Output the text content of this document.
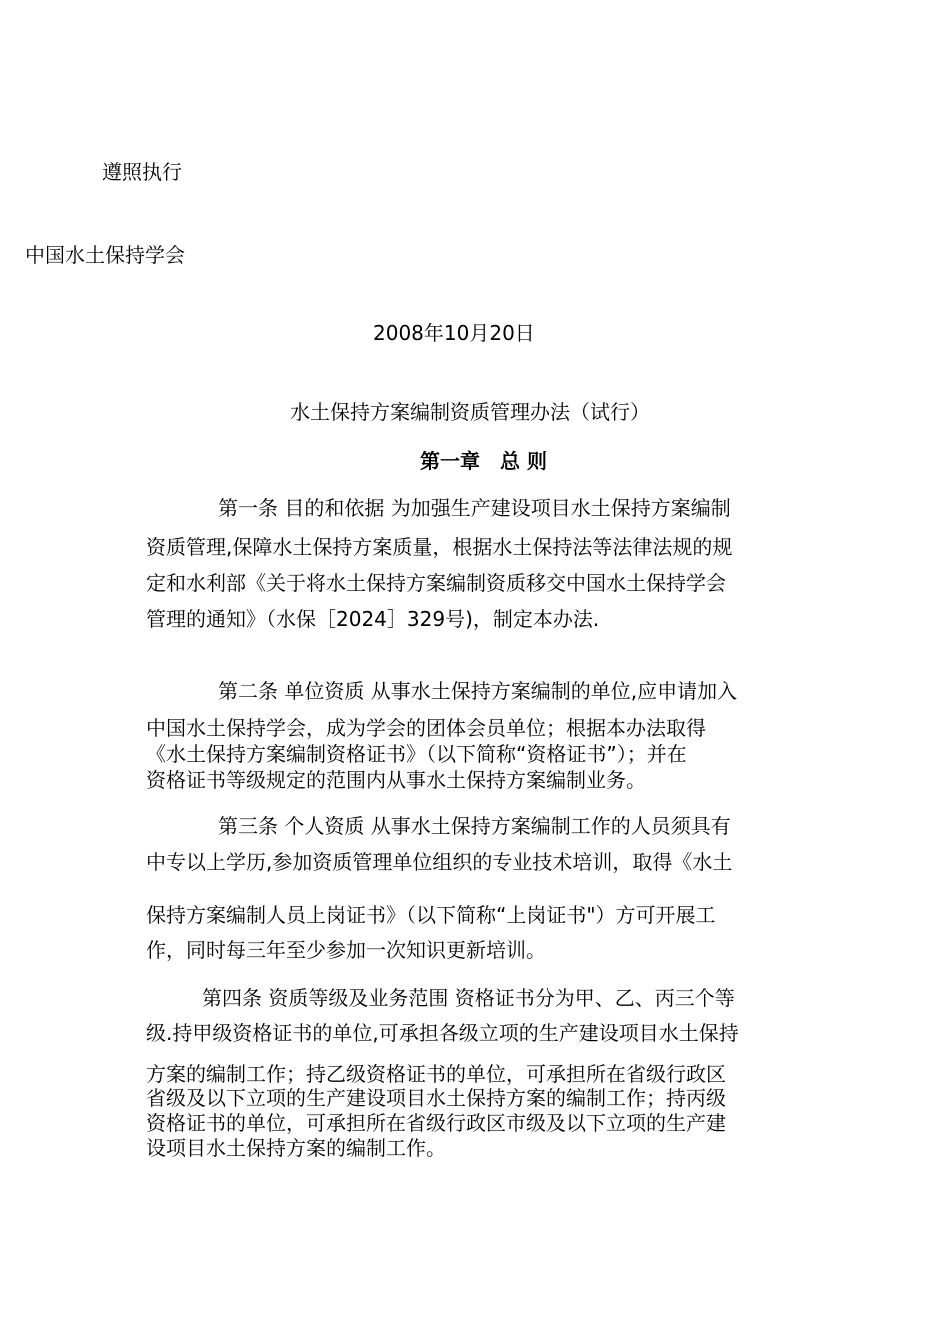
遵照执行
中国水土保持学会
2008年10月20日
水土保持方案编制资质管理办法（试行）
第一章　总 则
第一条 目的和依据 为加强生产建设项目水土保持方案编制
资质管理,保障水土保持方案质量，根据水土保持法等法律法规的规
定和水利部《关于将水土保持方案编制资质移交中国水土保持学会
管理的通知》（水保［2024］329号)，制定本办法.
第二条 单位资质 从事水土保持方案编制的单位,应申请加入
中国水土保持学会，成为学会的团体会员单位；根据本办法取得
《水土保持方案编制资格证书》（以下简称“资格证书”）；并在
资格证书等级规定的范围内从事水土保持方案编制业务。
第三条 个人资质 从事水土保持方案编制工作的人员须具有
中专以上学历,参加资质管理单位组织的专业技术培训，取得《水土
保持方案编制人员上岗证书》（以下简称“上岗证书"）方可开展工
作，同时每三年至少参加一次知识更新培训。
第四条 资质等级及业务范围 资格证书分为甲、乙、丙三个等
级.持甲级资格证书的单位,可承担各级立项的生产建设项目水土保持
方案的编制工作；持乙级资格证书的单位，可承担所在省级行政区
省级及以下立项的生产建设项目水土保持方案的编制工作；持丙级
资格证书的单位，可承担所在省级行政区市级及以下立项的生产建
设项目水土保持方案的编制工作。
